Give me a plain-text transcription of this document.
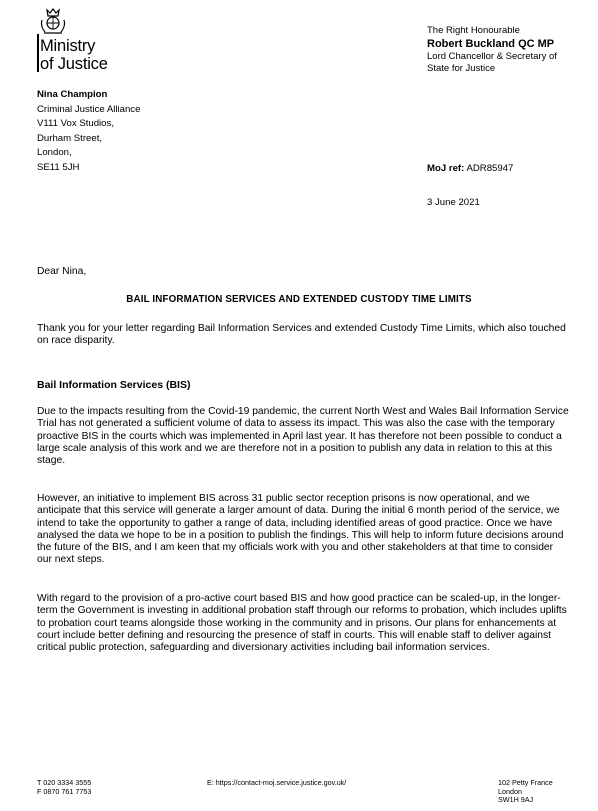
Ministry
of Justice
The Right Honourable
Robert Buckland QC MP
Lord Chancellor & Secretary of
State for Justice
Nina Champion
Criminal Justice Alliance
V111 Vox Studios,
Durham Street,
London,
SE11 5JH	MoJ ref: ADR85947
3 June 2021
Dear Nina,
BAIL INFORMATION SERVICES AND EXTENDED CUSTODY TIME LIMITS
Thank you for your letter regarding Bail Information Services and extended Custody Time Limits, which also touched on race disparity.
Bail Information Services (BIS)
Due to the impacts resulting from the Covid-19 pandemic, the current North West and Wales Bail Information Service Trial has not generated a sufficient volume of data to assess its impact. This was also the case with the temporary proactive BIS in the courts which was implemented in April last year. It has therefore not been possible to conduct a large scale analysis of this work and we are therefore not in a position to publish any data in relation to this at this stage.
However, an initiative to implement BIS across 31 public sector reception prisons is now operational, and we anticipate that this service will generate a larger amount of data. During the initial 6 month period of the service, we intend to take the opportunity to gather a range of data, including identified areas of good practice. Once we have analysed the data we hope to be in a position to publish the findings. This will help to inform future decisions around the future of the BIS, and I am keen that my officials work with you and other stakeholders at that time to consider our next steps.
With regard to the provision of a pro-active court based BIS and how good practice can be scaled-up, in the longer-term the Government is investing in additional probation staff through our reforms to probation, which includes uplifts to probation court teams alongside those working in the community and in prisons. Our plans for enhancements at court include better defining and resourcing the presence of staff in courts. This will enable staff to deliver against critical public protection, safeguarding and diversionary activities including bail information services.
T 020 3334 3555
F 0870 761 7753
E: https://contact-moj.service.justice.gov.uk/	102 Petty France
London
SW1H 9AJ
